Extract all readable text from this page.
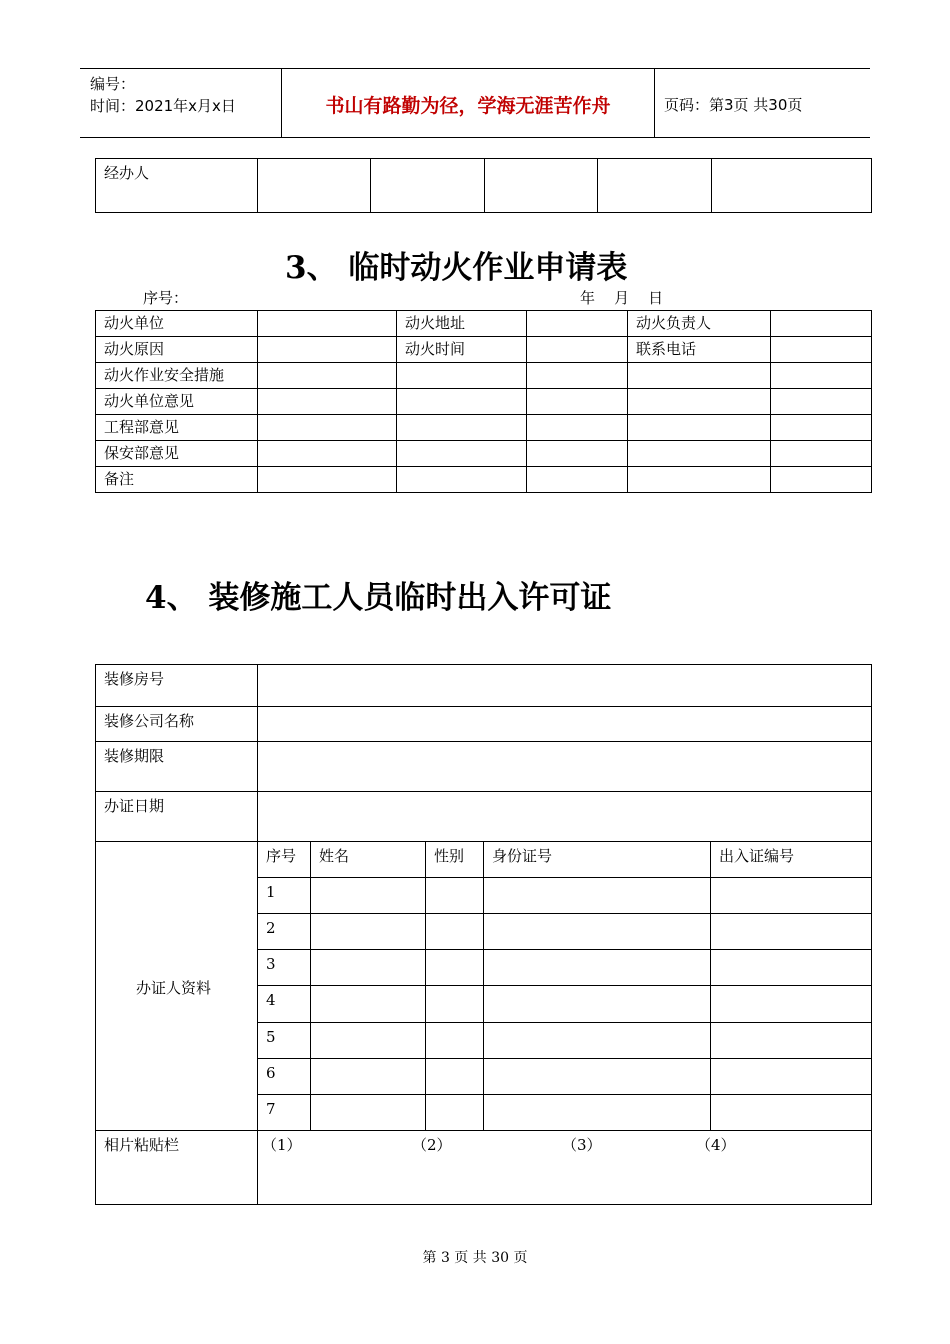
编号：
时间：2021年x月x日	书山有路勤为径，学海无涯苦作舟	页码：第3页 共30页
经办人					
3、 临时动火作业申请表
序号：	年    月    日
动火单位		动火地址		动火负责人	
动火原因		动火时间		联系电话	
动火作业安全措施					
动火单位意见					
工程部意见					
保安部意见					
备注					
4、 装修施工人员临时出入许可证
装修房号					
装修公司名称					
装修期限					
办证日期					
办证人资料	序号	姓名	性别	身份证号	出入证编号
	1				
	2				
	3				
	4				
	5				
	6				
	7				
相片粘贴栏	（1） （2） （3） （4）				
第 3 页 共 30 页
